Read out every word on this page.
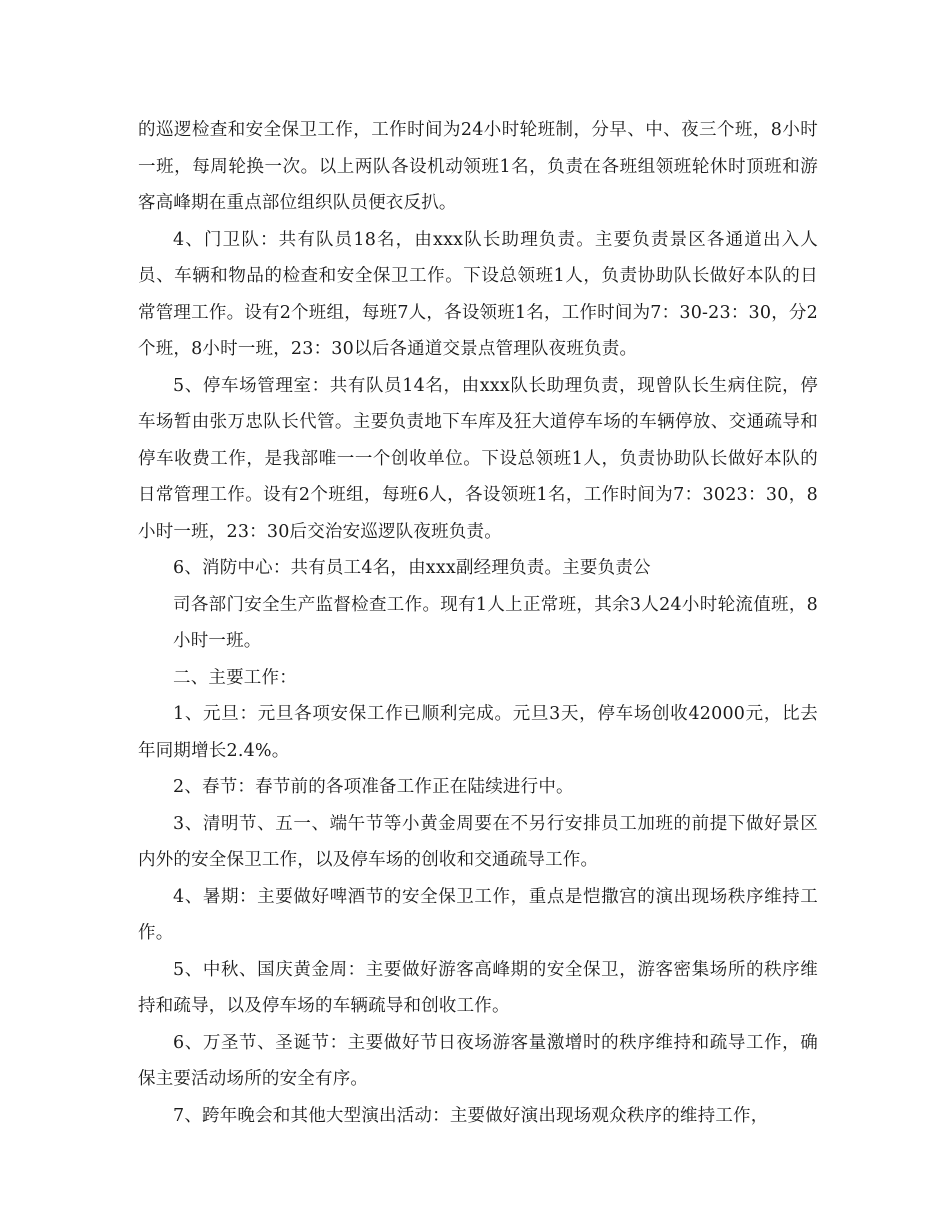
的巡逻检查和安全保卫工作，工作时间为24小时轮班制，分早、中、夜三个班，8小时一班，每周轮换一次。以上两队各设机动领班1名，负责在各班组领班轮休时顶班和游客高峰期在重点部位组织队员便衣反扒。

4、门卫队：共有队员18名，由xxx队长助理负责。主要负责景区各通道出入人员、车辆和物品的检查和安全保卫工作。下设总领班1人，负责协助队长做好本队的日常管理工作。设有2个班组，每班7人，各设领班1名，工作时间为7：30-23：30，分2个班，8小时一班，23：30以后各通道交景点管理队夜班负责。

5、停车场管理室：共有队员14名，由xxx队长助理负责，现曾队长生病住院，停车场暂由张万忠队长代管。主要负责地下车库及狂大道停车场的车辆停放、交通疏导和停车收费工作，是我部唯一一个创收单位。下设总领班1人，负责协助队长做好本队的日常管理工作。设有2个班组，每班6人，各设领班1名，工作时间为7：3023：30，8小时一班，23：30后交治安巡逻队夜班负责。

6、消防中心：共有员工4名，由xxx副经理负责。主要负责公

司各部门安全生产监督检查工作。现有1人上正常班，其余3人24小时轮流值班，8小时一班。

二、主要工作：

1、元旦：元旦各项安保工作已顺利完成。元旦3天，停车场创收42000元，比去年同期增长2.4%。

2、春节：春节前的各项准备工作正在陆续进行中。

3、清明节、五一、端午节等小黄金周要在不另行安排员工加班的前提下做好景区内外的安全保卫工作，以及停车场的创收和交通疏导工作。

4、暑期：主要做好啤酒节的安全保卫工作，重点是恺撒宫的演出现场秩序维持工作。

5、中秋、国庆黄金周：主要做好游客高峰期的安全保卫，游客密集场所的秩序维持和疏导，以及停车场的车辆疏导和创收工作。

6、万圣节、圣诞节：主要做好节日夜场游客量激增时的秩序维持和疏导工作，确保主要活动场所的安全有序。

7、跨年晚会和其他大型演出活动：主要做好演出现场观众秩序的维持工作，
